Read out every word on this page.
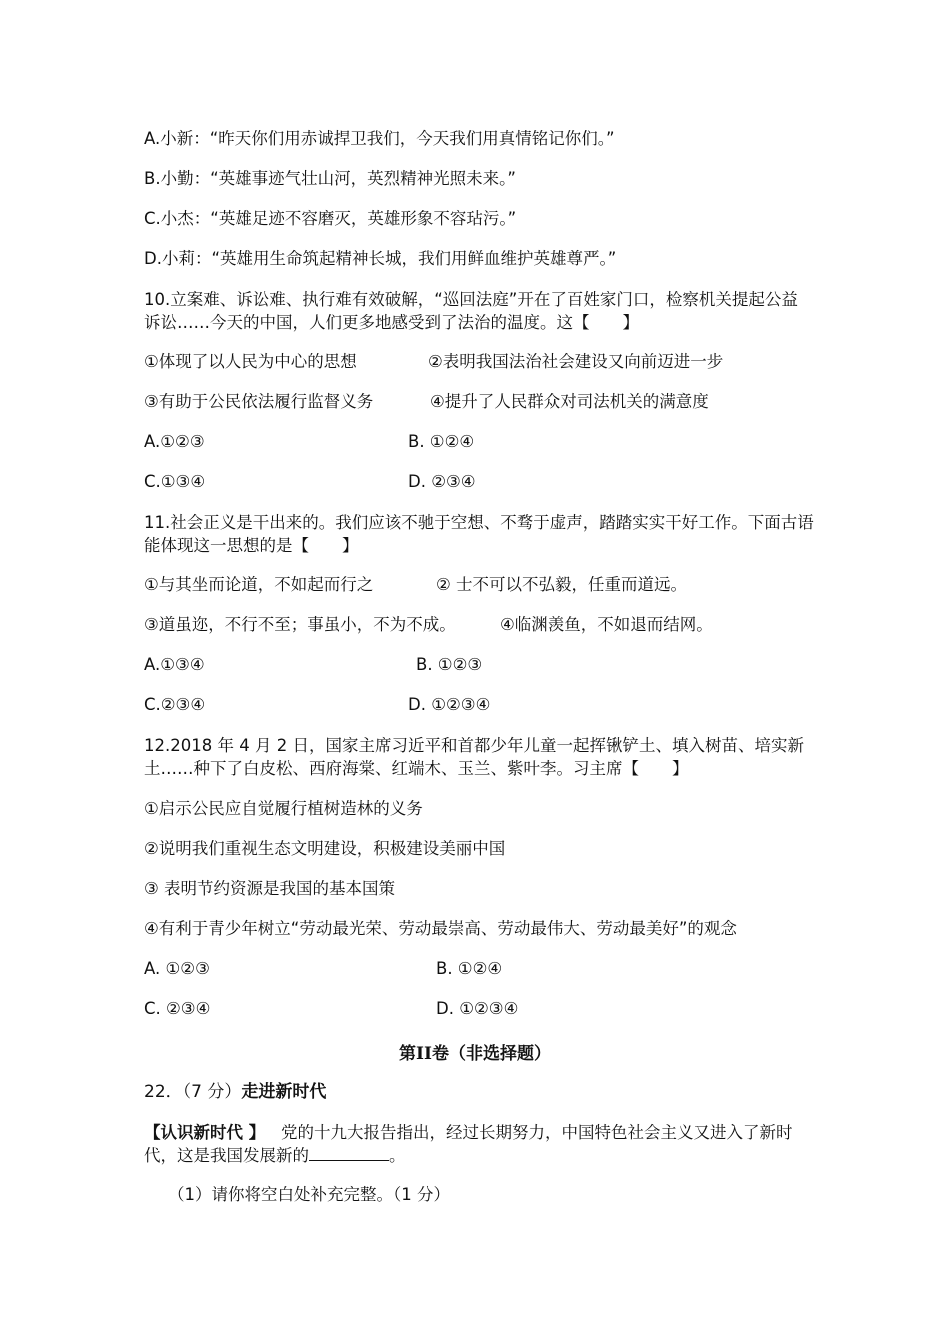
A.小新：“昨天你们用赤诚捍卫我们，今天我们用真情铭记你们。”

B.小勤：“英雄事迹气壮山河，英烈精神光照未来。”

C.小杰：“英雄足迹不容磨灭，英雄形象不容玷污。”

D.小莉：“英雄用生命筑起精神长城，我们用鲜血维护英雄尊严。”

10.立案难、诉讼难、执行难有效破解，“巡回法庭”开在了百姓家门口，检察机关提起公益诉讼……今天的中国，人们更多地感受到了法治的温度。这【　　】

①体现了以人民为中心的思想	②表明我国法治社会建设又向前迈进一步

③有助于公民依法履行监督义务	④提升了人民群众对司法机关的满意度

A.①②③	B. ①②④

C.①③④	D. ②③④

11.社会正义是干出来的。我们应该不驰于空想、不骛于虚声，踏踏实实干好工作。下面古语能体现这一思想的是【　　】

①与其坐而论道，不如起而行之	② 士不可以不弘毅，任重而道远。

③道虽迩，不行不至；事虽小，不为不成。	④临渊羡鱼，不如退而结网。

A.①③④	B. ①②③

C.②③④	D. ①②③④

12.2018 年 4 月 2 日，国家主席习近平和首都少年儿童一起挥锹铲土、填入树苗、培实新土……种下了白皮松、西府海棠、红端木、玉兰、紫叶李。习主席【　　】

①启示公民应自觉履行植树造林的义务

②说明我们重视生态文明建设，积极建设美丽中国

③ 表明节约资源是我国的基本国策

④有利于青少年树立“劳动最光荣、劳动最崇高、劳动最伟大、劳动最美好”的观念

A. ①②③	B. ①②④

C. ②③④	D. ①②③④

第II卷（非选择题）

22．（7 分）走进新时代

【认识新时代 】 党的十九大报告指出，经过长期努力，中国特色社会主义又进入了新时代，这是我国发展新的	。

（1）请你将空白处补充完整。（1 分）
